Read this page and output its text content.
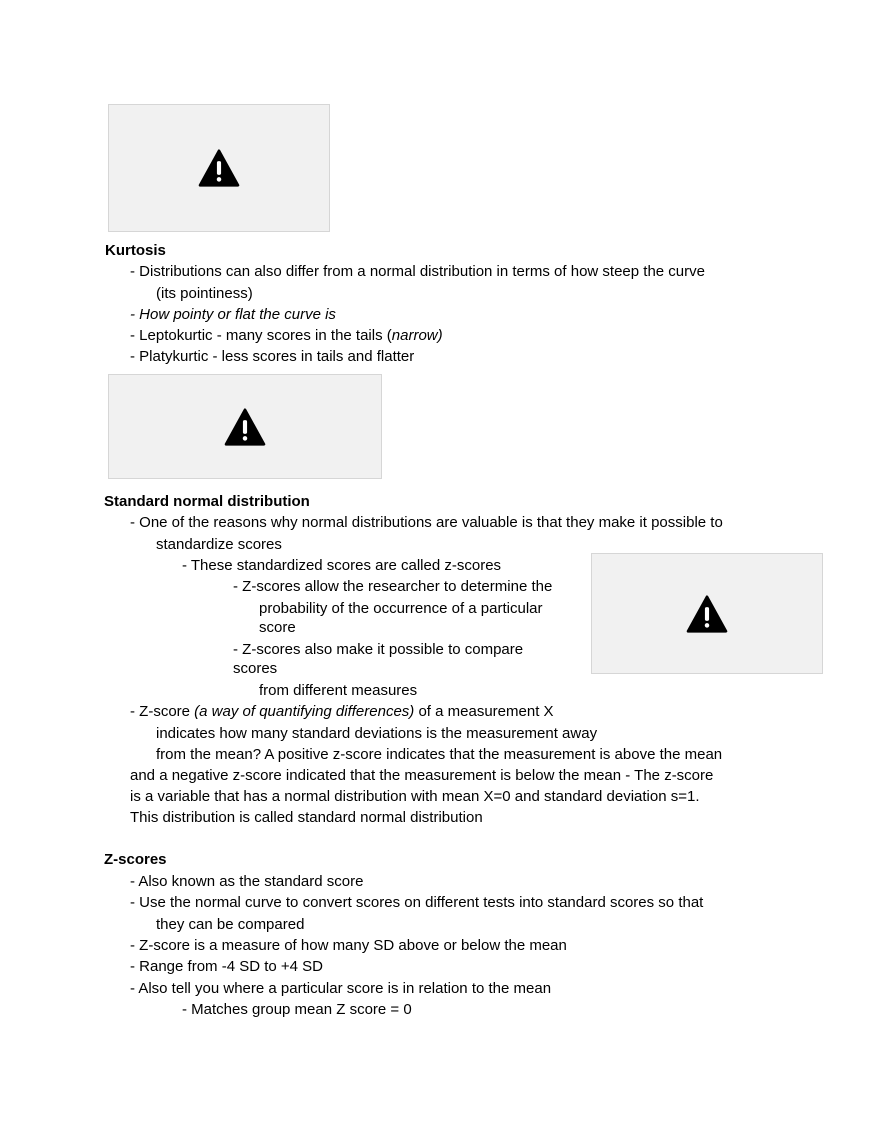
Kurtosis
- Distributions can also differ from a normal distribution in terms of how steep the curve
(its pointiness)
- How pointy or flat the curve is
- Leptokurtic - many scores in the tails (narrow)
- Platykurtic - less scores in tails and flatter
Standard normal distribution
- One of the reasons why normal distributions are valuable is that they make it possible to
standardize scores
- These standardized scores are called z-scores
- Z-scores allow the researcher to determine the
probability of the occurrence of a particular
score
- Z-scores also make it possible to compare
scores
from different measures
- Z-score (a way of quantifying differences) of a measurement X
indicates how many standard deviations is the measurement away
from the mean? A positive z-score indicates that the measurement is above the mean
and a negative z-score indicated that the measurement is below the mean - The z-score
is a variable that has a normal distribution with mean X=0 and standard deviation s=1.
This distribution is called standard normal distribution
Z-scores
- Also known as the standard score
- Use the normal curve to convert scores on different tests into standard scores so that
they can be compared
- Z-score is a measure of how many SD above or below the mean
- Range from -4 SD to +4 SD
- Also tell you where a particular score is in relation to the mean
- Matches group mean Z score = 0
